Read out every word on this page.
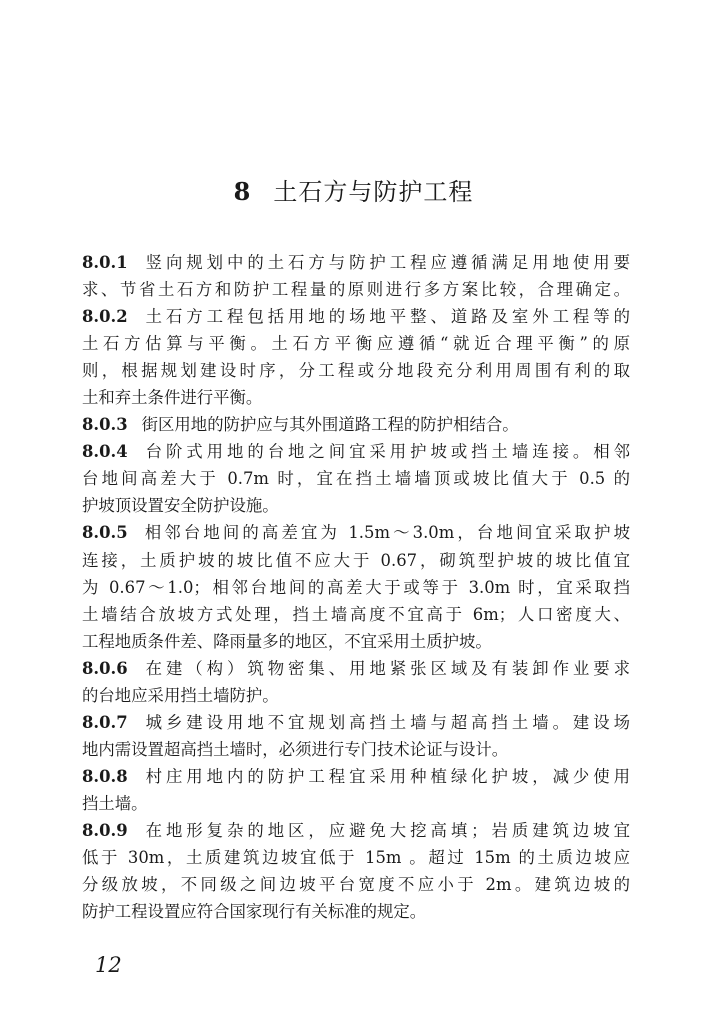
8 土石方与防护工程
8.0.1 竖向规划中的土石方与防护工程应遵循满足用地使用要
求、节省土石方和防护工程量的原则进行多方案比较，合理确定。
8.0.2 土石方工程包括用地的场地平整、道路及室外工程等的
土石方估算与平衡。土石方平衡应遵循“就近合理平衡”的原
则，根据规划建设时序，分工程或分地段充分利用周围有利的取
土和弃土条件进行平衡。
8.0.3 街区用地的防护应与其外围道路工程的防护相结合。
8.0.4 台阶式用地的台地之间宜采用护坡或挡土墙连接。相邻
台地间高差大于 0.7m 时，宜在挡土墙墙顶或坡比值大于 0.5 的
护坡顶设置安全防护设施。
8.0.5 相邻台地间的高差宜为 1.5m～3.0m，台地间宜采取护坡
连接，土质护坡的坡比值不应大于 0.67，砌筑型护坡的坡比值宜
为 0.67～1.0；相邻台地间的高差大于或等于 3.0m 时，宜采取挡
土墙结合放坡方式处理，挡土墙高度不宜高于 6m；人口密度大、
工程地质条件差、降雨量多的地区，不宜采用土质护坡。
8.0.6 在建（构）筑物密集、用地紧张区域及有装卸作业要求
的台地应采用挡土墙防护。
8.0.7 城乡建设用地不宜规划高挡土墙与超高挡土墙。建设场
地内需设置超高挡土墙时，必须进行专门技术论证与设计。
8.0.8 村庄用地内的防护工程宜采用种植绿化护坡，减少使用
挡土墙。
8.0.9 在地形复杂的地区，应避免大挖高填；岩质建筑边坡宜
低于 30m，土质建筑边坡宜低于 15m 。超过 15m 的土质边坡应
分级放坡，不同级之间边坡平台宽度不应小于 2m。建筑边坡的
防护工程设置应符合国家现行有关标准的规定。
12
